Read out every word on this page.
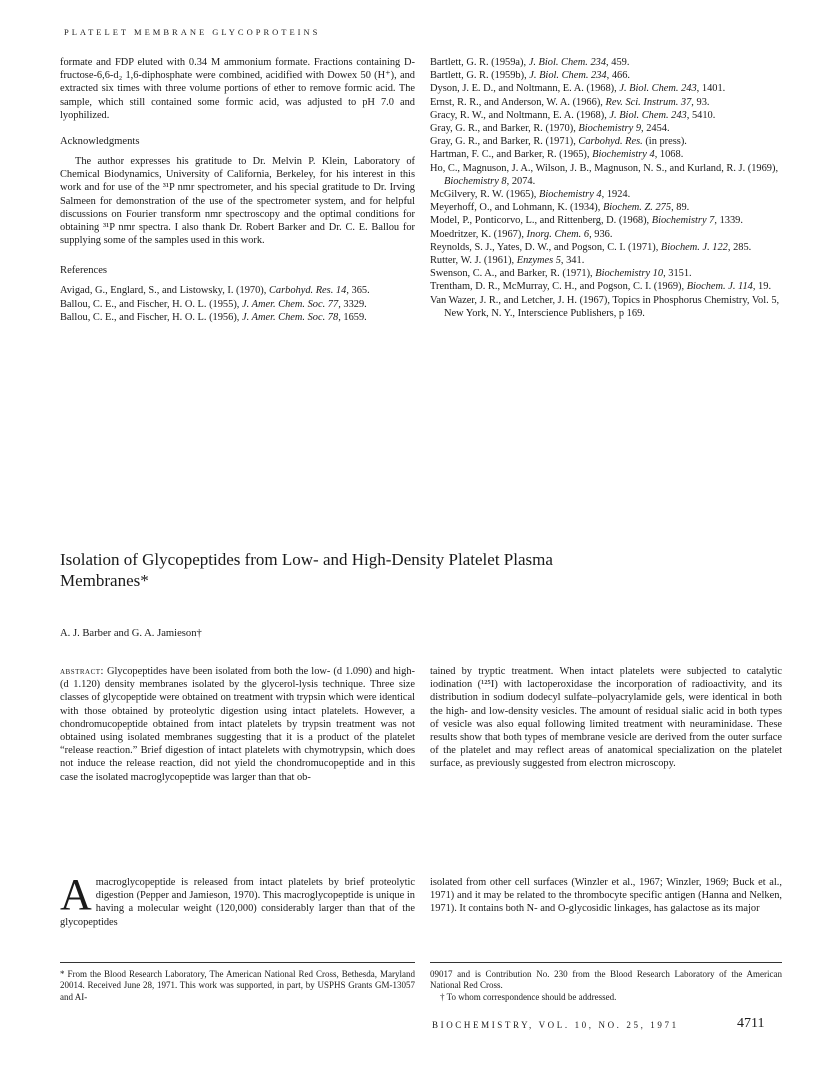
PLATELET MEMBRANE GLYCOPROTEINS

formate and FDP eluted with 0.34 M ammonium formate. Fractions containing D-fructose-6,6-d₂ 1,6-diphosphate were combined, acidified with Dowex 50 (H⁺), and extracted six times with three volume portions of ether to remove formic acid. The sample, which still contained some formic acid, was adjusted to pH 7.0 and lyophilized.

Acknowledgments

The author expresses his gratitude to Dr. Melvin P. Klein, Laboratory of Chemical Biodynamics, University of California, Berkeley, for his interest in this work and for use of the ³¹P nmr spectrometer, and his special gratitude to Dr. Irving Salmeen for demonstration of the use of the spectrometer system, and for helpful discussions on Fourier transform nmr spectroscopy and the optimal conditions for obtaining ³¹P nmr spectra. I also thank Dr. Robert Barker and Dr. C. E. Ballou for supplying some of the samples used in this work.

References

Avigad, G., Englard, S., and Listowsky, I. (1970), Carbohyd. Res. 14, 365.

Ballou, C. E., and Fischer, H. O. L. (1955), J. Amer. Chem. Soc. 77, 3329.

Ballou, C. E., and Fischer, H. O. L. (1956), J. Amer. Chem. Soc. 78, 1659.

Bartlett, G. R. (1959a), J. Biol. Chem. 234, 459.

Bartlett, G. R. (1959b), J. Biol. Chem. 234, 466.

Dyson, J. E. D., and Noltmann, E. A. (1968), J. Biol. Chem. 243, 1401.

Ernst, R. R., and Anderson, W. A. (1966), Rev. Sci. Instrum. 37, 93.

Gracy, R. W., and Noltmann, E. A. (1968), J. Biol. Chem. 243, 5410.

Gray, G. R., and Barker, R. (1970), Biochemistry 9, 2454.

Gray, G. R., and Barker, R. (1971), Carbohyd. Res. (in press).

Hartman, F. C., and Barker, R. (1965), Biochemistry 4, 1068.

Ho, C., Magnuson, J. A., Wilson, J. B., Magnuson, N. S., and Kurland, R. J. (1969), Biochemistry 8, 2074.

McGilvery, R. W. (1965), Biochemistry 4, 1924.

Meyerhoff, O., and Lohmann, K. (1934), Biochem. Z. 275, 89.

Model, P., Ponticorvo, L., and Rittenberg, D. (1968), Biochemistry 7, 1339.

Moedritzer, K. (1967), Inorg. Chem. 6, 936.

Reynolds, S. J., Yates, D. W., and Pogson, C. I. (1971), Biochem. J. 122, 285.

Rutter, W. J. (1961), Enzymes 5, 341.

Swenson, C. A., and Barker, R. (1971), Biochemistry 10, 3151.

Trentham, D. R., McMurray, C. H., and Pogson, C. I. (1969), Biochem. J. 114, 19.

Van Wazer, J. R., and Letcher, J. H. (1967), Topics in Phosphorus Chemistry, Vol. 5, New York, N. Y., Interscience Publishers, p 169.

Isolation of Glycopeptides from Low- and High-Density Platelet Plasma Membranes*
A. J. Barber and G. A. Jamieson†

abstract: Glycopeptides have been isolated from both the low- (d 1.090) and high- (d 1.120) density membranes isolated by the glycerol-lysis technique. Three size classes of glycopeptide were obtained on treatment with trypsin which were identical with those obtained by proteolytic digestion using intact platelets. However, a chondromucopeptide obtained from intact platelets by trypsin treatment was not obtained using isolated membranes suggesting that it is a product of the platelet “release reaction.” Brief digestion of intact platelets with chymotrypsin, which does not induce the release reaction, did not yield the chondromucopeptide and in this case the isolated macroglycopeptide was larger than that ob-

tained by tryptic treatment. When intact platelets were subjected to catalytic iodination (¹²⁵I) with lactoperoxidase the incorporation of radioactivity, and its distribution in sodium dodecyl sulfate–polyacrylamide gels, were identical in both the high- and low-density vesicles. The amount of residual sialic acid in both types of vesicle was also equal following limited treatment with neuraminidase. These results show that both types of membrane vesicle are derived from the outer surface of the platelet and may reflect areas of anatomical specialization on the platelet surface, as previously suggested from electron microscopy.

A macroglycopeptide is released from intact platelets by brief proteolytic digestion (Pepper and Jamieson, 1970). This macroglycopeptide is unique in having a molecular weight (120,000) considerably larger than that of the glycopeptides

isolated from other cell surfaces (Winzler et al., 1967; Winzler, 1969; Buck et al., 1971) and it may be related to the thrombocyte specific antigen (Hanna and Nelken, 1971). It contains both N- and O-glycosidic linkages, has galactose as its major

* From the Blood Research Laboratory, The American National Red Cross, Bethesda, Maryland 20014. Received June 28, 1971. This work was supported, in part, by USPHS Grants GM-13057 and AI-

09017 and is Contribution No. 230 from the Blood Research Laboratory of the American National Red Cross.

† To whom correspondence should be addressed.

BIOCHEMISTRY, VOL. 10, NO. 25, 1971	4711
